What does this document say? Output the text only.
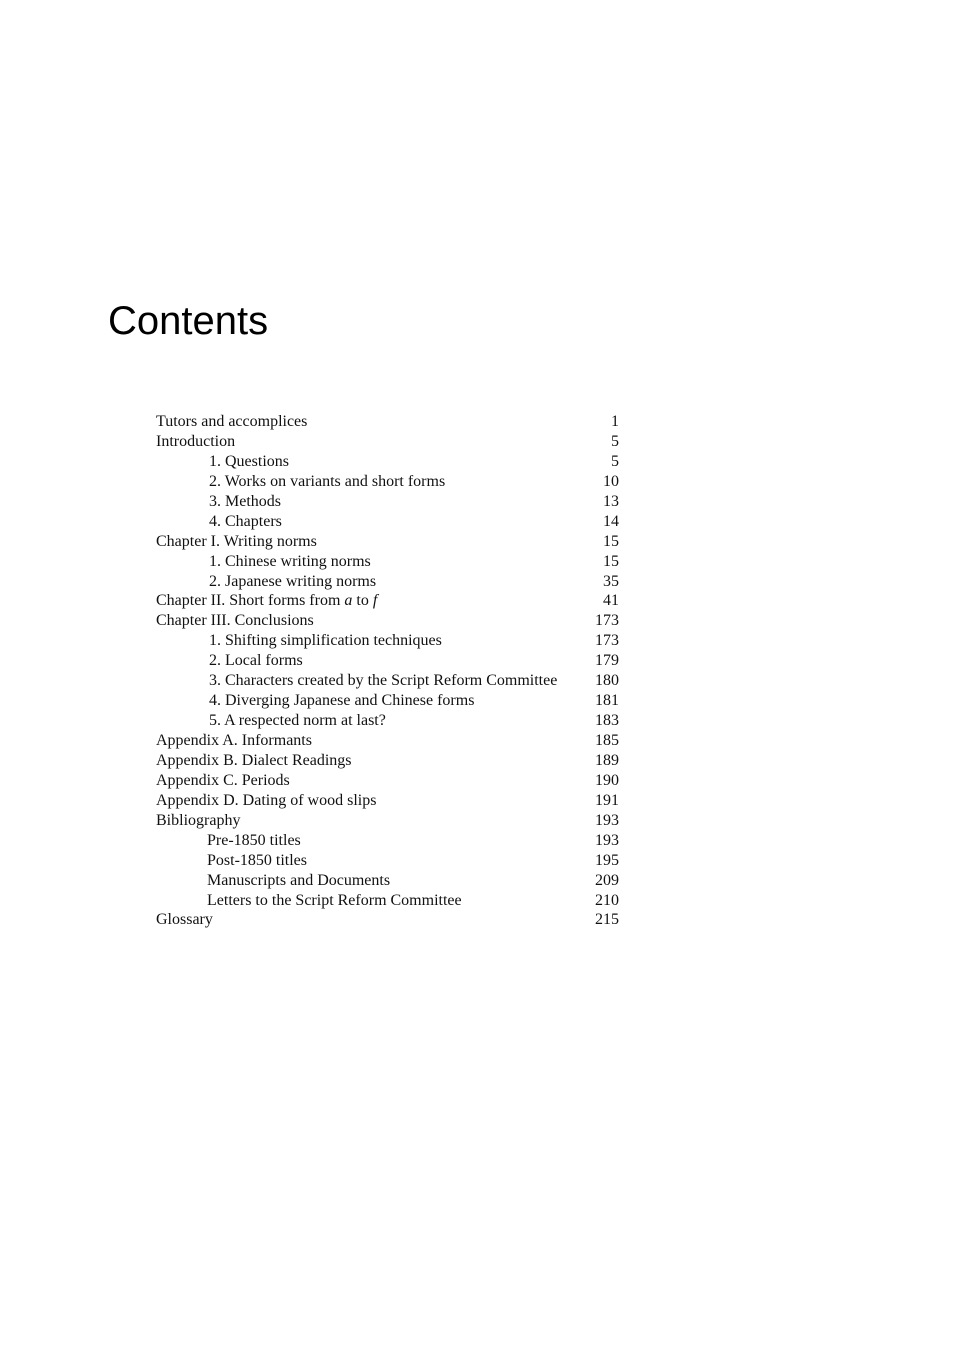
Contents
Tutors and accomplices	1
Introduction	5
1. Questions	5
2. Works on variants and short forms	10
3. Methods	13
4. Chapters	14
Chapter I. Writing norms	15
1. Chinese writing norms	15
2. Japanese writing norms	35
Chapter II. Short forms from a to f	41
Chapter III. Conclusions	173
1. Shifting simplification techniques	173
2. Local forms	179
3. Characters created by the Script Reform Committee 180
4. Diverging Japanese and Chinese forms	181
5. A respected norm at last?	183
Appendix A. Informants	185
Appendix B. Dialect Readings	189
Appendix C. Periods	190
Appendix D. Dating of wood slips	191
Bibliography	193
Pre-1850 titles	193
Post-1850 titles	195
Manuscripts and Documents	209
Letters to the Script Reform Committee	210
Glossary	215
